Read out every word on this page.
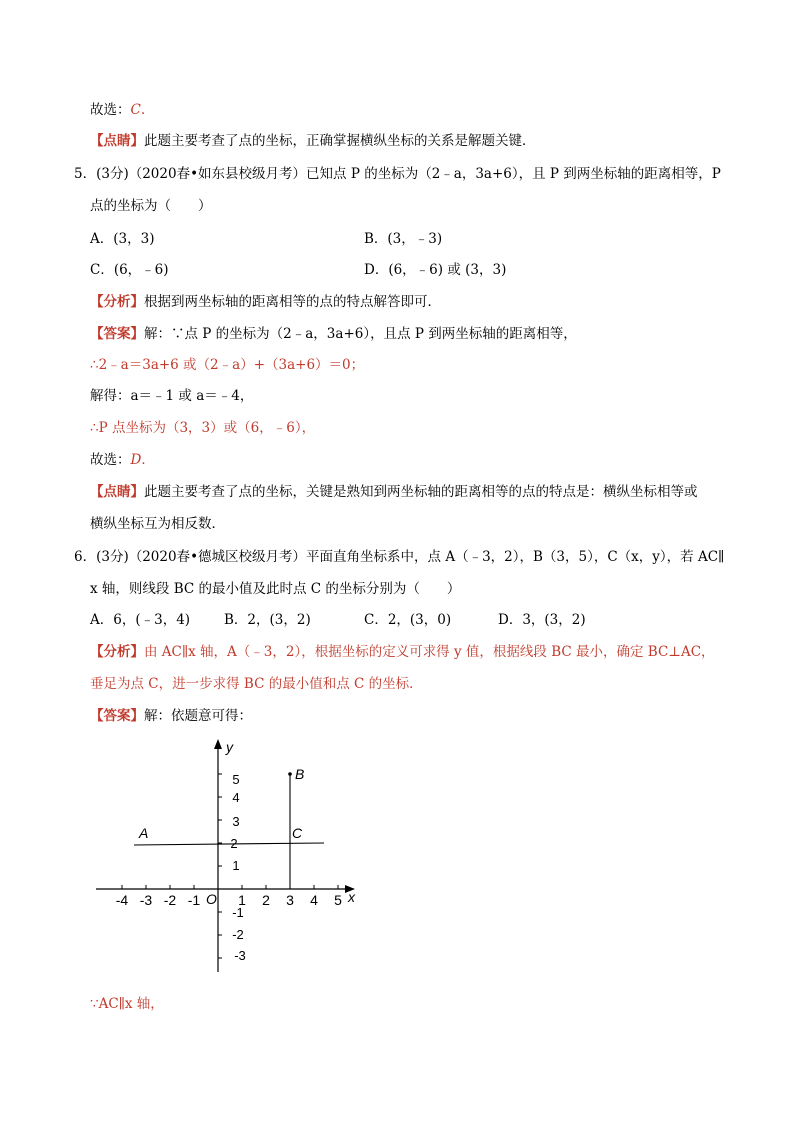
故选：C.
【点睛】此题主要考查了点的坐标，正确掌握横纵坐标的关系是解题关键．
5．(3分)（2020春•如东县校级月考）已知点 P 的坐标为（2﹣a，3a+6），且 P 到两坐标轴的距离相等，P
点的坐标为（　　）
A．(3，3)	B．(3，﹣3)
C．(6，﹣6)	D．(6，﹣6) 或 (3，3)
【分析】根据到两坐标轴的距离相等的点的特点解答即可．
【答案】解：∵点 P 的坐标为（2﹣a，3a+6），且点 P 到两坐标轴的距离相等，
∴2﹣a＝3a+6 或（2﹣a）+（3a+6）＝0；
解得：a＝﹣1 或 a＝﹣4，
∴P 点坐标为（3，3）或（6，﹣6），
故选：D．
【点睛】此题主要考查了点的坐标，关键是熟知到两坐标轴的距离相等的点的特点是：横纵坐标相等或
横纵坐标互为相反数．
6．(3分)（2020春•德城区校级月考）平面直角坐标系中，点 A（﹣3，2），B（3，5），C（x，y），若 AC∥
x 轴，则线段 BC 的最小值及此时点 C 的坐标分别为（　　）
A．6，(﹣3，4)	B．2，(3，2)	C．2，(3，0)	D．3，(3，2)
【分析】由 AC∥x 轴，A（﹣3，2），根据坐标的定义可求得 y 值，根据线段 BC 最小，确定 BC⊥AC，
垂足为点 C，进一步求得 BC 的最小值和点 C 的坐标．
【答案】解：依题意可得：
-4 -3 -2 -1	1 2 3 4 5
1
3
4
5
-1
-2
-3
x
y
O
A
B
C
∵AC∥x 轴，
